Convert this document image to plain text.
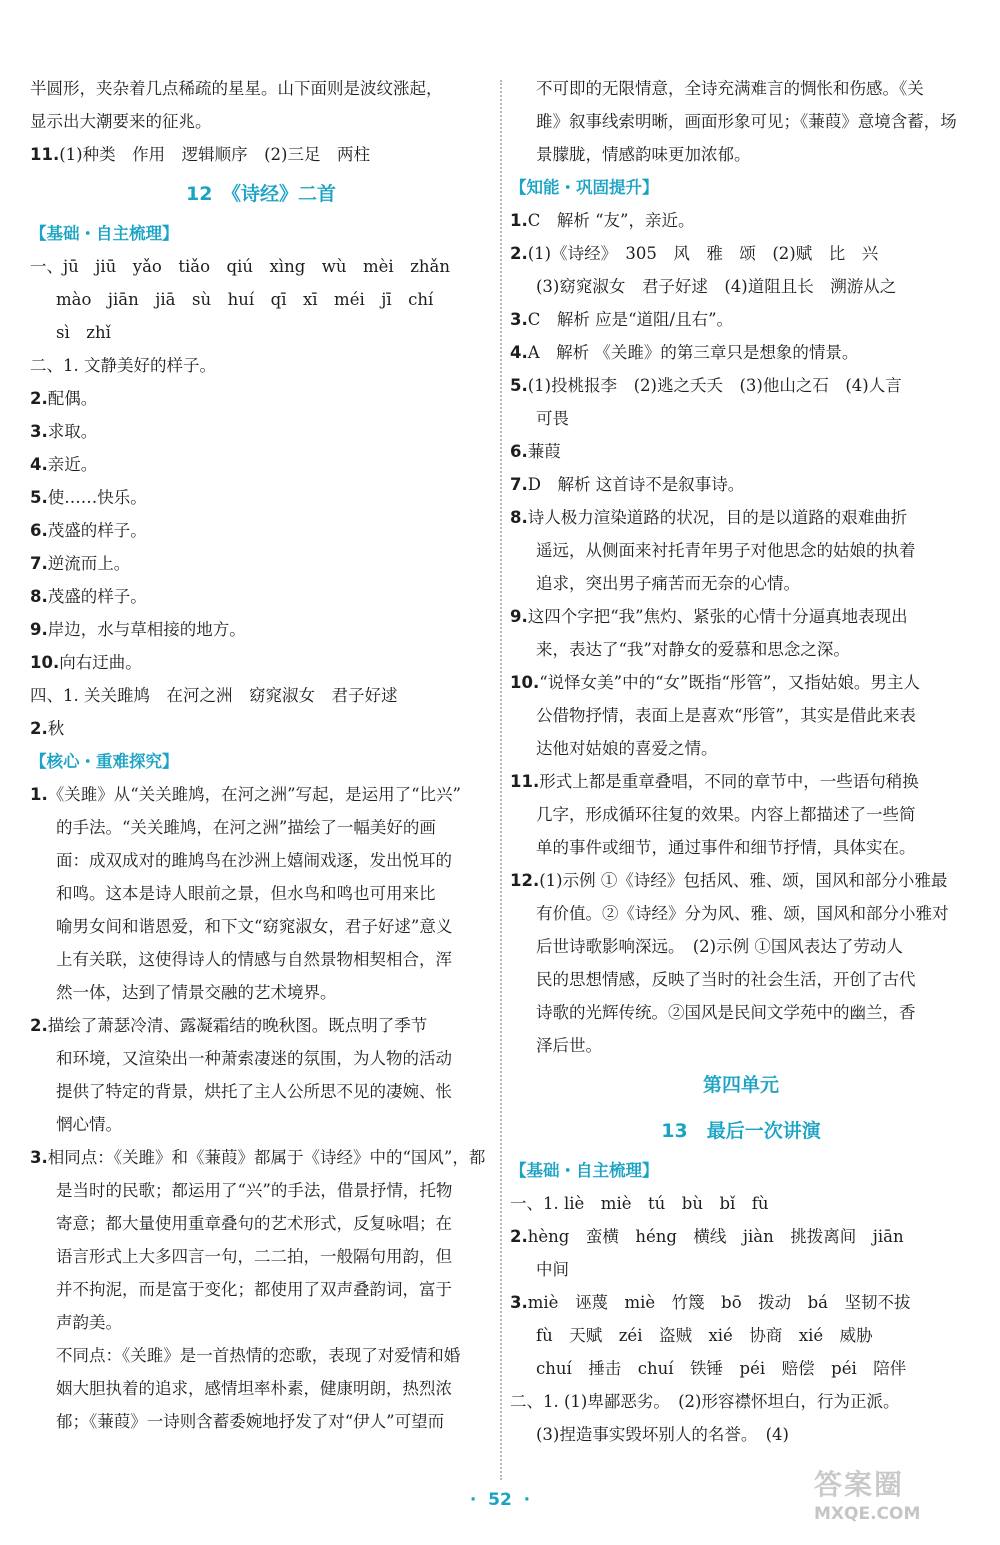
半圆形，夹杂着几点稀疏的星星。山下面则是波纹涨起，
显示出大潮要来的征兆。
11.(1)种类　作用　逻辑顺序　(2)三足　两柱
12　《诗经》二首
【基础・自主梳理】
一、jū　jiū　yǎo　tiǎo　qiú　xìng　wù　mèi　zhǎn
mào　jiān　jiā　sù　huí　qī　xī　méi　jī　chí
sì　zhǐ
二、1. 文静美好的样子。
2.配偶。
3.求取。
4.亲近。
5.使……快乐。
6.茂盛的样子。
7.逆流而上。
8.茂盛的样子。
9.岸边，水与草相接的地方。
10.向右迂曲。
四、1. 关关雎鸠　在河之洲　窈窕淑女　君子好逑
2.秋
【核心・重难探究】
1.《关雎》从“关关雎鸠，在河之洲”写起，是运用了“比兴”
的手法。“关关雎鸠，在河之洲”描绘了一幅美好的画
面：成双成对的雎鸠鸟在沙洲上嬉闹戏逐，发出悦耳的
和鸣。这本是诗人眼前之景，但水鸟和鸣也可用来比
喻男女间和谐恩爱，和下文“窈窕淑女，君子好逑”意义
上有关联，这使得诗人的情感与自然景物相契相合，浑
然一体，达到了情景交融的艺术境界。
2.描绘了萧瑟冷清、露凝霜结的晚秋图。既点明了季节
和环境，又渲染出一种萧索凄迷的氛围，为人物的活动
提供了特定的背景，烘托了主人公所思不见的凄婉、怅
惘心情。
3.相同点：《关雎》和《蒹葭》都属于《诗经》中的“国风”，都
是当时的民歌；都运用了“兴”的手法，借景抒情，托物
寄意；都大量使用重章叠句的艺术形式，反复咏唱；在
语言形式上大多四言一句，二二拍，一般隔句用韵，但
并不拘泥，而是富于变化；都使用了双声叠韵词，富于
声韵美。
不同点：《关雎》是一首热情的恋歌，表现了对爱情和婚
姻大胆执着的追求，感情坦率朴素，健康明朗，热烈浓
郁；《蒹葭》一诗则含蓄委婉地抒发了对“伊人”可望而
不可即的无限情意，全诗充满难言的惆怅和伤感。《关
雎》叙事线索明晰，画面形象可见；《蒹葭》意境含蓄，场
景朦胧，情感韵味更加浓郁。
【知能・巩固提升】
1.C　解析 “友”，亲近。
2.(1)《诗经》　305　风　雅　颂　(2)赋　比　兴
(3)窈窕淑女　君子好逑　(4)道阻且长　溯游从之
3.C　解析 应是“道阻/且右”。
4.A　解析 《关雎》的第三章只是想象的情景。
5.(1)投桃报李　(2)逃之夭夭　(3)他山之石　(4)人言
可畏
6.蒹葭
7.D　解析 这首诗不是叙事诗。
8.诗人极力渲染道路的状况，目的是以道路的艰难曲折
遥远，从侧面来衬托青年男子对他思念的姑娘的执着
追求，突出男子痛苦而无奈的心情。
9.这四个字把“我”焦灼、紧张的心情十分逼真地表现出
来，表达了“我”对静女的爱慕和思念之深。
10.“说怿女美”中的“女”既指“彤管”，又指姑娘。男主人
公借物抒情，表面上是喜欢“彤管”，其实是借此来表
达他对姑娘的喜爱之情。
11.形式上都是重章叠唱，不同的章节中，一些语句稍换
几字，形成循环往复的效果。内容上都描述了一些简
单的事件或细节，通过事件和细节抒情，具体实在。
12.(1)示例 ①《诗经》包括风、雅、颂，国风和部分小雅最
有价值。②《诗经》分为风、雅、颂，国风和部分小雅对
后世诗歌影响深远。　(2)示例 ①国风表达了劳动人
民的思想情感，反映了当时的社会生活，开创了古代
诗歌的光辉传统。②国风是民间文学苑中的幽兰，香
泽后世。
第四单元
13　最后一次讲演
【基础・自主梳理】
一、1. liè　miè　tú　bù　bǐ　fù
2.hèng　蛮横　héng　横线　jiàn　挑拨离间　jiān
中间
3.miè　诬蔑　miè　竹篾　bō　拨动　bá　坚韧不拔
fù　天赋　zéi　盗贼　xié　协商　xié　威胁
chuí　捶击　chuí　铁锤　péi　赔偿　péi　陪伴
二、1. (1)卑鄙恶劣。　(2)形容襟怀坦白，行为正派。
(3)捏造事实毁坏别人的名誉。　(4)
·  52  ·	答案圈
MXQE.COM
